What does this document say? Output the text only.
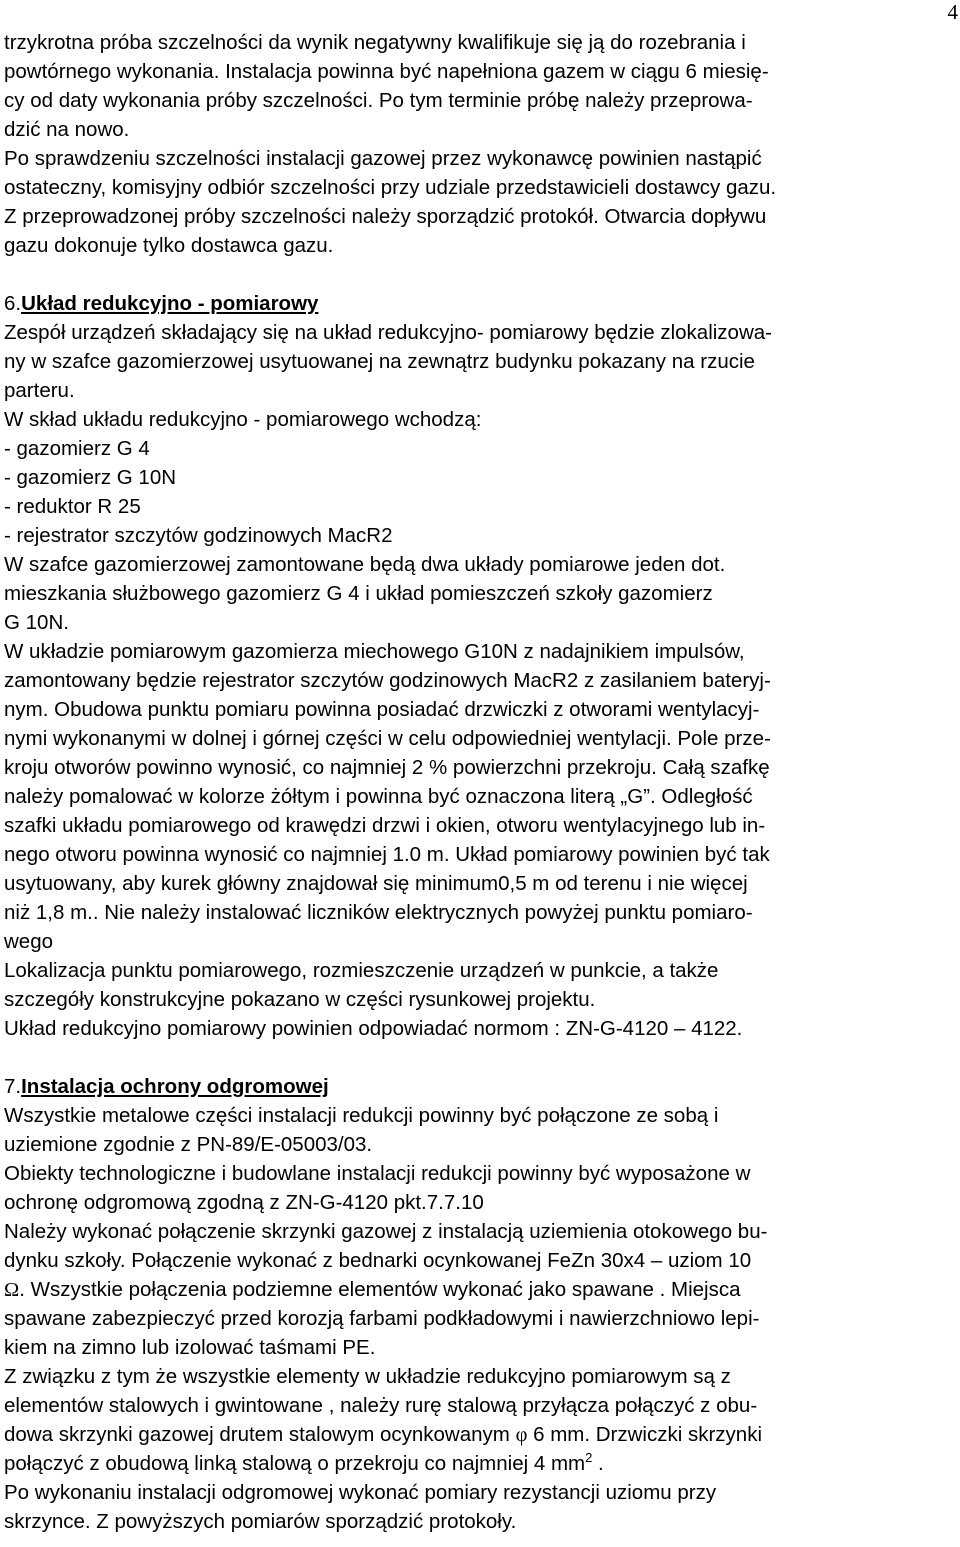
4
trzykrotna próba szczelności da wynik negatywny kwalifikuje się ją do rozebrania i
powtórnego wykonania. Instalacja powinna być napełniona gazem w ciągu 6 miesię-
cy od daty wykonania próby szczelności. Po tym terminie próbę należy przeprowa-
dzić na nowo.
Po sprawdzeniu szczelności instalacji gazowej przez wykonawcę powinien nastąpić
ostateczny, komisyjny odbiór szczelności przy udziale przedstawicieli dostawcy gazu.
Z przeprowadzonej próby szczelności należy sporządzić protokół. Otwarcia dopływu
gazu dokonuje tylko dostawca gazu.
6.Układ redukcyjno - pomiarowy
Zespół urządzeń składający się na układ redukcyjno- pomiarowy będzie zlokalizowa-
ny w szafce gazomierzowej usytuowanej na zewnątrz budynku pokazany na rzucie
parteru.
W skład układu redukcyjno - pomiarowego wchodzą:
- gazomierz G 4
- gazomierz G 10N
- reduktor R 25
- rejestrator szczytów godzinowych MacR2
W szafce gazomierzowej zamontowane będą dwa układy pomiarowe jeden dot.
mieszkania służbowego gazomierz G 4 i układ pomieszczeń szkoły gazomierz
G 10N.
W układzie pomiarowym gazomierza miechowego G10N z nadajnikiem impulsów,
zamontowany będzie rejestrator szczytów godzinowych MacR2 z zasilaniem bateryj-
nym. Obudowa punktu pomiaru powinna posiadać drzwiczki z otworami wentylacyj-
nymi wykonanymi w dolnej i górnej części w celu odpowiedniej wentylacji. Pole prze-
kroju otworów powinno wynosić, co najmniej 2 % powierzchni przekroju. Całą szafkę
należy pomalować w kolorze żółtym i powinna być oznaczona literą „G”. Odległość
szafki układu pomiarowego od krawędzi drzwi i okien, otworu wentylacyjnego lub in-
nego otworu powinna wynosić co najmniej 1.0 m. Układ pomiarowy powinien być tak
usytuowany, aby kurek główny znajdował się minimum0,5 m od terenu i nie więcej
niż 1,8 m.. Nie należy instalować liczników elektrycznych powyżej punktu pomiaro-
wego
Lokalizacja punktu pomiarowego, rozmieszczenie urządzeń w punkcie, a także
szczegóły konstrukcyjne pokazano w części rysunkowej projektu.
Układ redukcyjno pomiarowy powinien odpowiadać normom : ZN-G-4120 – 4122.
7.Instalacja ochrony odgromowej
Wszystkie metalowe części instalacji redukcji powinny być połączone ze sobą i
uziemione zgodnie z PN-89/E-05003/03.
Obiekty technologiczne i budowlane instalacji redukcji powinny być wyposażone w
ochronę odgromową zgodną z ZN-G-4120 pkt.7.7.10
Należy wykonać połączenie skrzynki gazowej z instalacją uziemienia otokowego bu-
dynku szkoły. Połączenie wykonać z bednarki ocynkowanej FeZn 30x4 – uziom 10
Ω. Wszystkie połączenia podziemne elementów wykonać jako spawane . Miejsca
spawane zabezpieczyć przed korozją farbami podkładowymi i nawierzchniowo lepi-
kiem na zimno lub izolować taśmami PE.
Z związku z tym że wszystkie elementy w układzie redukcyjno pomiarowym są z
elementów stalowych i gwintowane , należy rurę stalową przyłącza połączyć z obu-
dowa skrzynki gazowej drutem stalowym ocynkowanym φ 6 mm. Drzwiczki skrzynki
połączyć z obudową linką stalową o przekroju co najmniej 4 $mm^2$ .
Po wykonaniu instalacji odgromowej wykonać pomiary rezystancji uziomu przy
skrzynce. Z powyższych pomiarów sporządzić protokoły.
